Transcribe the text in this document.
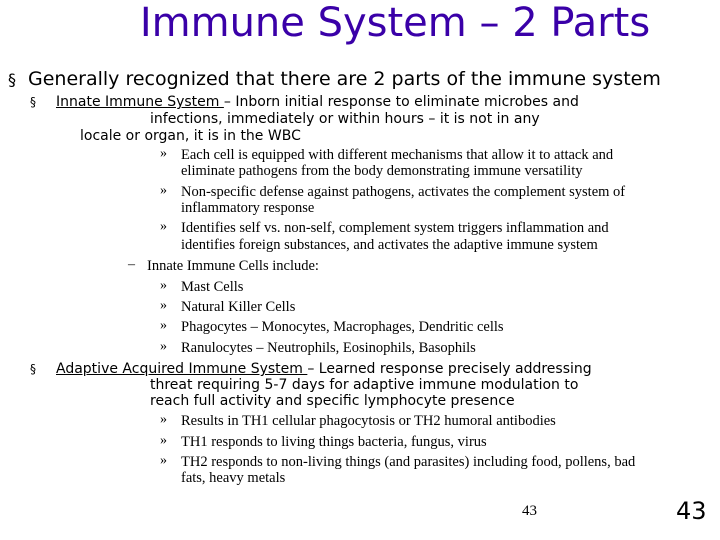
Immune System – 2 Parts
§ Generally recognized that there are 2 parts of the immune system
§ Innate Immune System – Inborn initial response to eliminate microbes and
infections, immediately or within hours – it is not in any
locale or organ, it is in the WBC
» Each cell is equipped with different mechanisms that allow it to attack and
eliminate pathogens from the body demonstrating immune versatility
» Non-specific defense against pathogens, activates the complement system of
inflammatory response
» Identifies self vs. non-self, complement system triggers inflammation and
identifies foreign substances, and activates the adaptive immune system
– Innate Immune Cells include:
» Mast Cells
» Natural Killer Cells
» Phagocytes – Monocytes, Macrophages, Dendritic cells
» Ranulocytes – Neutrophils, Eosinophils, Basophils
§ Adaptive Acquired Immune System – Learned response precisely addressing
threat requiring 5-7 days for adaptive immune modulation to
reach full activity and specific lymphocyte presence
» Results in TH1 cellular phagocytosis or TH2 humoral antibodies
» TH1 responds to living things bacteria, fungus, virus
» TH2 responds to non-living things (and parasites) including food, pollens, bad
fats, heavy metals
43	43
